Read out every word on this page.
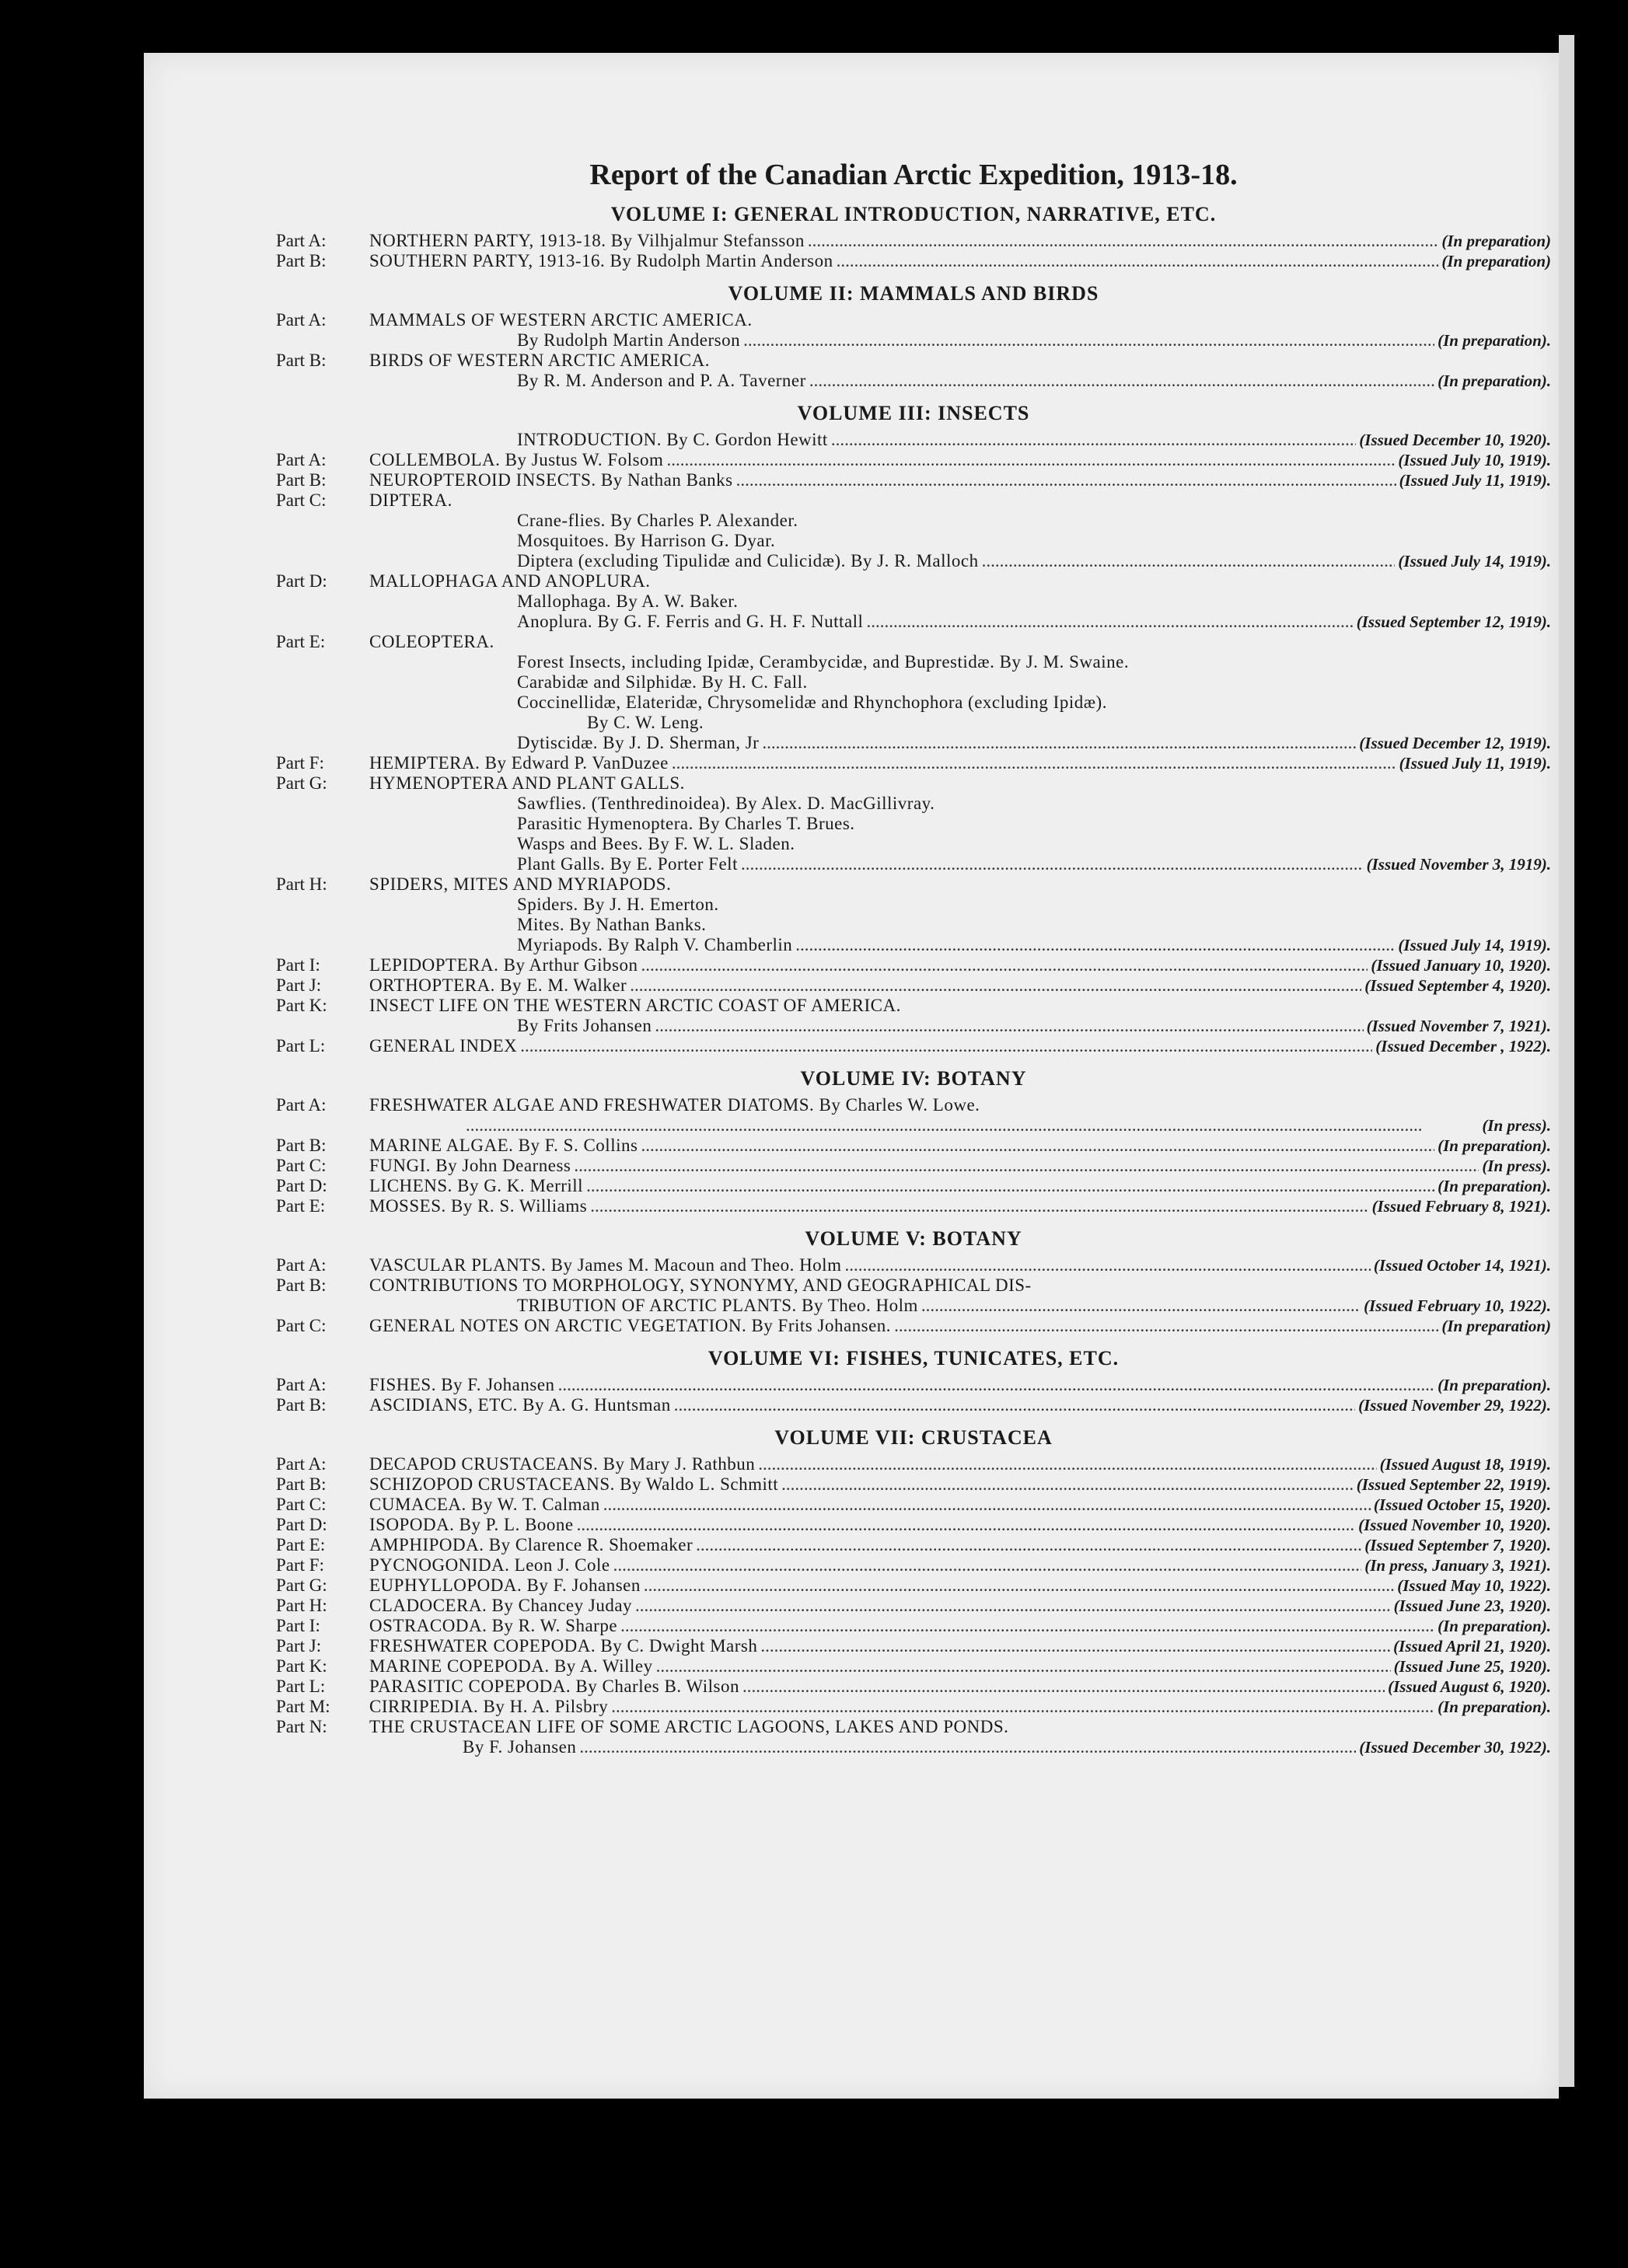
Report of the Canadian Arctic Expedition, 1913-18.
VOLUME I: GENERAL INTRODUCTION, NARRATIVE, ETC.
Part A:	NORTHERN PARTY, 1913-18. By Vilhjalmur Stefansson .....	(In preparation)
Part B:	SOUTHERN PARTY, 1913-16. By Rudolph Martin Anderson .....	(In preparation)
VOLUME II: MAMMALS AND BIRDS
Part A:	MAMMALS OF WESTERN ARCTIC AMERICA.
By Rudolph Martin Anderson .....	(In preparation).
Part B:	BIRDS OF WESTERN ARCTIC AMERICA.
By R. M. Anderson and P. A. Taverner .....	(In preparation).
VOLUME III: INSECTS
INTRODUCTION. By C. Gordon Hewitt .....	(Issued December 10, 1920).
Part A:	COLLEMBOLA. By Justus W. Folsom .....	(Issued July 10, 1919).
Part B:	NEUROPTEROID INSECTS. By Nathan Banks .....	(Issued July 11, 1919).
Part C:	DIPTERA.
Crane-flies. By Charles P. Alexander.
Mosquitoes. By Harrison G. Dyar.
Diptera (excluding Tipulidæ and Culicidæ). By J. R. Malloch .....	(Issued July 14, 1919).
Part D:	MALLOPHAGA AND ANOPLURA.
Mallophaga. By A. W. Baker.
Anoplura. By G. F. Ferris and G. H. F. Nuttall .....	(Issued September 12, 1919).
Part E:	COLEOPTERA.
Forest Insects, including Ipidæ, Cerambycidæ, and Buprestidæ. By J. M. Swaine.
Carabidæ and Silphidæ. By H. C. Fall.
Coccinellidæ, Elateridæ, Chrysomelidæ and Rhynchophora (excluding Ipidæ).
By C. W. Leng.
Dytiscidæ. By J. D. Sherman, Jr .....	(Issued December 12, 1919).
Part F:	HEMIPTERA. By Edward P. VanDuzee .....	(Issued July 11, 1919).
Part G:	HYMENOPTERA AND PLANT GALLS.
Sawflies. (Tenthredinoidea). By Alex. D. MacGillivray.
Parasitic Hymenoptera. By Charles T. Brues.
Wasps and Bees. By F. W. L. Sladen.
Plant Galls. By E. Porter Felt .....	(Issued November 3, 1919).
Part H:	SPIDERS, MITES AND MYRIAPODS.
Spiders. By J. H. Emerton.
Mites. By Nathan Banks.
Myriapods. By Ralph V. Chamberlin .....	(Issued July 14, 1919).
Part I:	LEPIDOPTERA. By Arthur Gibson .....	(Issued January 10, 1920).
Part J:	ORTHOPTERA. By E. M. Walker .....	(Issued September 4, 1920).
Part K:	INSECT LIFE ON THE WESTERN ARCTIC COAST OF AMERICA.
By Frits Johansen .....	(Issued November 7, 1921).
Part L:	GENERAL INDEX .....	(Issued December , 1922).
VOLUME IV: BOTANY
Part A:	FRESHWATER ALGAE AND FRESHWATER DIATOMS. By Charles W. Lowe.
.....
(In press).
Part B:	MARINE ALGAE. By F. S. Collins .....	(In preparation).
Part C:	FUNGI. By John Dearness .....	(In press).
Part D:	LICHENS. By G. K. Merrill .....	(In preparation).
Part E:	MOSSES. By R. S. Williams .....	(Issued February 8, 1921).
VOLUME V: BOTANY
Part A:	VASCULAR PLANTS. By James M. Macoun and Theo. Holm .....	(Issued October 14, 1921).
Part B:	CONTRIBUTIONS TO MORPHOLOGY, SYNONYMY, AND GEOGRAPHICAL DIS-
TRIBUTION OF ARCTIC PLANTS. By Theo. Holm .....	(Issued February 10, 1922).
Part C:	GENERAL NOTES ON ARCTIC VEGETATION. By Frits Johansen. .....	(In preparation)
VOLUME VI: FISHES, TUNICATES, ETC.
Part A:	FISHES. By F. Johansen .....	(In preparation).
Part B:	ASCIDIANS, ETC. By A. G. Huntsman .....	(Issued November 29, 1922).
VOLUME VII: CRUSTACEA
Part A:	DECAPOD CRUSTACEANS. By Mary J. Rathbun .....	(Issued August 18, 1919).
Part B:	SCHIZOPOD CRUSTACEANS. By Waldo L. Schmitt .....	(Issued September 22, 1919).
Part C:	CUMACEA. By W. T. Calman .....	(Issued October 15, 1920).
Part D:	ISOPODA. By P. L. Boone .....	(Issued November 10, 1920).
Part E:	AMPHIPODA. By Clarence R. Shoemaker .....	(Issued September 7, 1920).
Part F:	PYCNOGONIDA. Leon J. Cole .....	(In press, January 3, 1921).
Part G:	EUPHYLLOPODA. By F. Johansen .....	(Issued May 10, 1922).
Part H:	CLADOCERA. By Chancey Juday .....	(Issued June 23, 1920).
Part I:	OSTRACODA. By R. W. Sharpe .....	(In preparation).
Part J:	FRESHWATER COPEPODA. By C. Dwight Marsh .....	(Issued April 21, 1920).
Part K:	MARINE COPEPODA. By A. Willey .....	(Issued June 25, 1920).
Part L:	PARASITIC COPEPODA. By Charles B. Wilson .....	(Issued August 6, 1920).
Part M:	CIRRIPEDIA. By H. A. Pilsbry .....	(In preparation).
Part N:	THE CRUSTACEAN LIFE OF SOME ARCTIC LAGOONS, LAKES AND PONDS.
By F. Johansen .....	(Issued December 30, 1922).
